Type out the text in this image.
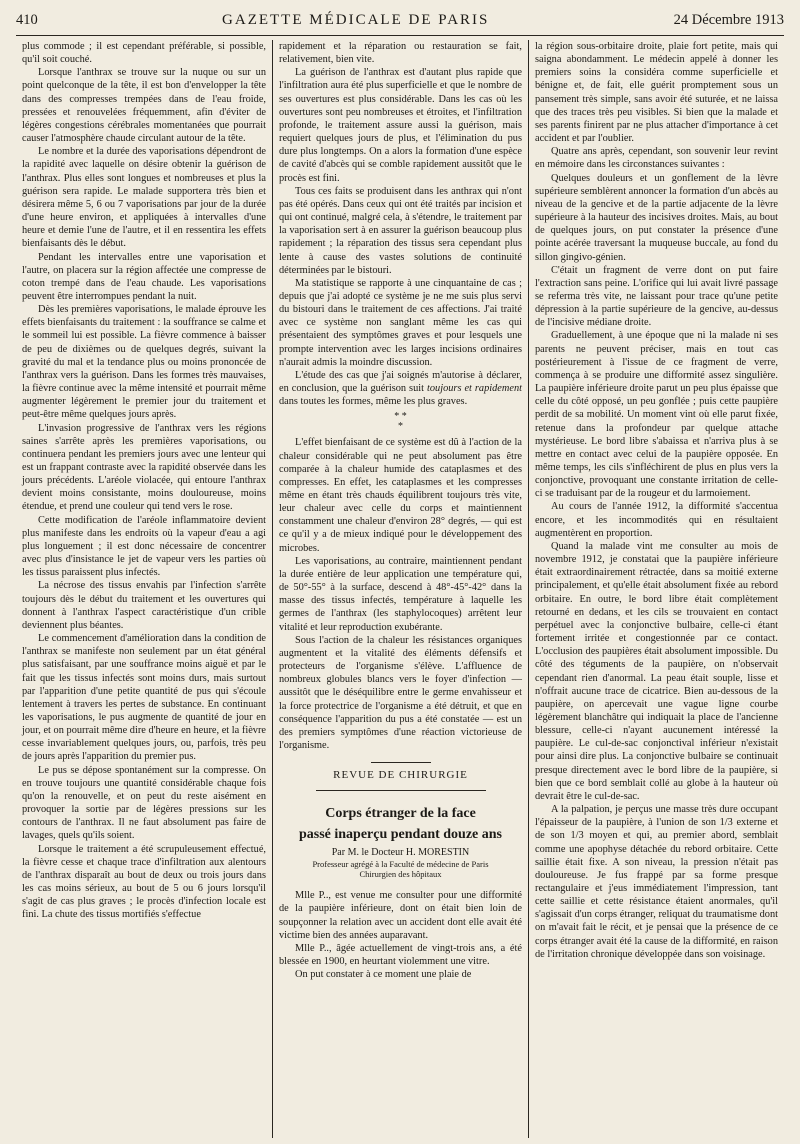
410	GAZETTE MÉDICALE DE PARIS	24 Décembre 1913

plus commode ; il est cependant préférable, si possible, qu'il soit couché.

Lorsque l'anthrax se trouve sur la nuque ou sur un point quelconque de la tête, il est bon d'envelopper la tête dans des compresses trempées dans de l'eau froide, pressées et renouvelées fréquemment, afin d'éviter de légères congestions cérébrales momentanées que pourrait causer l'atmosphère chaude circulant autour de la tête.

Le nombre et la durée des vaporisations dépendront de la rapidité avec laquelle on désire obtenir la guérison de l'anthrax. Plus elles sont longues et nombreuses et plus la guérison sera rapide. Le malade supportera très bien et désirera même 5, 6 ou 7 vaporisations par jour de la durée d'une heure environ, et appliquées à intervalles d'une heure et demie l'une de l'autre, et il en ressentira les effets bienfaisants dès le début.

Pendant les intervalles entre une vaporisation et l'autre, on placera sur la région affectée une compresse de coton trempé dans de l'eau chaude. Les vaporisations peuvent être interrompues pendant la nuit.

Dès les premières vaporisations, le malade éprouve les effets bienfaisants du traitement : la souffrance se calme et le sommeil lui est possible. La fièvre commence à baisser de peu de dixièmes ou de quelques degrés, suivant la gravité du mal et la tendance plus ou moins prononcée de l'anthrax vers la guérison. Dans les formes très mauvaises, la fièvre continue avec la même intensité et pourrait même augmenter légèrement le premier jour du traitement et peut-être même quelques jours après.

L'invasion progressive de l'anthrax vers les régions saines s'arrête après les premières vaporisations, ou continuera pendant les premiers jours avec une lenteur qui est un frappant contraste avec la rapidité observée dans les jours précédents. L'aréole violacée, qui entoure l'anthrax devient moins consistante, moins douloureuse, moins étendue, et prend une couleur qui tend vers le rose.

Cette modification de l'aréole inflammatoire devient plus manifeste dans les endroits où la vapeur d'eau a agi plus longuement ; il est donc nécessaire de concentrer avec plus d'insistance le jet de vapeur vers les parties où les tissus paraissent plus infectés.

La nécrose des tissus envahis par l'infection s'arrête toujours dès le début du traitement et les ouvertures qui donnent à l'anthrax l'aspect caractéristique d'un crible deviennent plus béantes.

Le commencement d'amélioration dans la condition de l'anthrax se manifeste non seulement par un état général plus satisfaisant, par une souffrance moins aiguë et par le fait que les tissus infectés sont moins durs, mais surtout par l'apparition d'une petite quantité de pus qui s'écoule lentement à travers les pertes de substance. En continuant les vaporisations, le pus augmente de quantité de jour en jour, et on pourrait même dire d'heure en heure, et la fièvre cesse invariablement quelques jours, ou, parfois, très peu de jours après l'apparition du premier pus.

Le pus se dépose spontanément sur la compresse. On en trouve toujours une quantité considérable chaque fois qu'on la renouvelle, et on peut du reste aisément en provoquer la sortie par de légères pressions sur les contours de l'anthrax. Il ne faut absolument pas faire de lavages, quels qu'ils soient.

Lorsque le traitement a été scrupuleusement effectué, la fièvre cesse et chaque trace d'infiltration aux alentours de l'anthrax disparaît au bout de deux ou trois jours dans les cas moins sérieux, au bout de 5 ou 6 jours lorsqu'il s'agit de cas plus graves ; le procès d'infection locale est fini. La chute des tissus mortifiés s'effectue

rapidement et la réparation ou restauration se fait, relativement, bien vite.

La guérison de l'anthrax est d'autant plus rapide que l'infiltration aura été plus superficielle et que le nombre de ses ouvertures est plus considérable. Dans les cas où les ouvertures sont peu nombreuses et étroites, et l'infiltration profonde, le traitement assure aussi la guérison, mais requiert quelques jours de plus, et l'élimination du pus dure plus longtemps. On a alors la formation d'une espèce de cavité d'abcès qui se comble rapidement aussitôt que le procès est fini.

Tous ces faits se produisent dans les anthrax qui n'ont pas été opérés. Dans ceux qui ont été traités par incision et qui ont continué, malgré cela, à s'étendre, le traitement par la vaporisation sert à en assurer la guérison beaucoup plus rapidement ; la réparation des tissus sera cependant plus lente à cause des vastes solutions de continuité déterminées par le bistouri.

Ma statistique se rapporte à une cinquantaine de cas ; depuis que j'ai adopté ce système je ne me suis plus servi du bistouri dans le traitement de ces affections. J'ai traité avec ce système non sanglant même les cas qui présentaient des symptômes graves et pour lesquels une prompte intervention avec les larges incisions ordinaires n'aurait admis la moindre discussion.

L'étude des cas que j'ai soignés m'autorise à déclarer, en conclusion, que la guérison suit toujours et rapidement dans toutes les formes, même les plus graves.

* *
*

L'effet bienfaisant de ce système est dû à l'action de la chaleur considérable qui ne peut absolument pas être comparée à la chaleur humide des cataplasmes et des compresses. En effet, les cataplasmes et les compresses même en étant très chauds équilibrent toujours très vite, leur chaleur avec celle du corps et maintiennent constamment une chaleur d'environ 28° degrés, — qui est ce qu'il y a de mieux indiqué pour le développement des microbes.

Les vaporisations, au contraire, maintiennent pendant la durée entière de leur application une température qui, de 50°-55° à la surface, descend à 48°-45°-42° dans la masse des tissus infectés, température à laquelle les germes de l'anthrax (les staphylocoques) arrêtent leur vitalité et leur reproduction exubérante.

Sous l'action de la chaleur les résistances organiques augmentent et la vitalité des éléments défensifs et protecteurs de l'organisme s'élève. L'affluence de nombreux globules blancs vers le foyer d'infection — aussitôt que le déséquilibre entre le germe envahisseur et la force protectrice de l'organisme a été détruit, et que en conséquence l'apparition du pus a été constatée — est un des premiers symptômes d'une réaction victorieuse de l'organisme.

REVUE DE CHIRURGIE
Corps étranger de la face
passé inaperçu pendant douze ans
Par M. le Docteur H. MORESTIN
Professeur agrégé à la Faculté de médecine de Paris
Chirurgien des hôpitaux

Mlle P.., est venue me consulter pour une difformité de la paupière inférieure, dont on était bien loin de soupçonner la relation avec un accident dont elle avait été victime bien des années auparavant.

Mlle P.., âgée actuellement de vingt-trois ans, a été blessée en 1900, en heurtant violemment une vitre.

On put constater à ce moment une plaie de

la région sous-orbitaire droite, plaie fort petite, mais qui saigna abondamment. Le médecin appelé à donner les premiers soins la considéra comme superficielle et bénigne et, de fait, elle guérit promptement sous un pansement très simple, sans avoir été suturée, et ne laissa que des traces très peu visibles. Si bien que la malade et ses parents finirent par ne plus attacher d'importance à cet accident et par l'oublier.

Quatre ans après, cependant, son souvenir leur revint en mémoire dans les circonstances suivantes :

Quelques douleurs et un gonflement de la lèvre supérieure semblèrent annoncer la formation d'un abcès au niveau de la gencive et de la partie adjacente de la lèvre supérieure à la hauteur des incisives droites. Mais, au bout de quelques jours, on put constater la présence d'une pointe acérée traversant la muqueuse buccale, au fond du sillon gingivo-génien.

C'était un fragment de verre dont on put faire l'extraction sans peine. L'orifice qui lui avait livré passage se referma très vite, ne laissant pour trace qu'une petite dépression à la partie supérieure de la gencive, au-dessus de l'incisive médiane droite.

Graduellement, à une époque que ni la malade ni ses parents ne peuvent préciser, mais en tout cas postérieurement à l'issue de ce fragment de verre, commença à se produire une difformité assez singulière. La paupière inférieure droite parut un peu plus épaisse que celle du côté opposé, un peu gonflée ; puis cette paupière perdit de sa mobilité. Un moment vint où elle parut fixée, retenue dans la profondeur par quelque attache mystérieuse. Le bord libre s'abaissa et n'arriva plus à se mettre en contact avec celui de la paupière opposée. En même temps, les cils s'infléchirent de plus en plus vers la conjonctive, provoquant une constante irritation de celle-ci se traduisant par de la rougeur et du larmoiement.

Au cours de l'année 1912, la difformité s'accentua encore, et les incommodités qui en résultaient augmentèrent en proportion.

Quand la malade vint me consulter au mois de novembre 1912, je constatai que la paupière inférieure était extraordinairement rétractée, dans sa moitié externe principalement, et qu'elle était absolument fixée au rebord orbitaire. En outre, le bord libre était complètement retourné en dedans, et les cils se trouvaient en contact perpétuel avec la conjonctive bulbaire, celle-ci étant fortement irritée et congestionnée par ce contact. L'occlusion des paupières était absolument impossible. Du côté des téguments de la paupière, on n'observait cependant rien d'anormal. La peau était souple, lisse et n'offrait aucune trace de cicatrice. Bien au-dessous de la paupière, on apercevait une vague ligne courbe légèrement blanchâtre qui indiquait la place de l'ancienne blessure, celle-ci n'ayant aucunement intéressé la paupière. Le cul-de-sac conjonctival inférieur n'existait pour ainsi dire plus. La conjonctive bulbaire se continuait presque directement avec le bord libre de la paupière, si bien que ce bord semblait collé au globe à la hauteur où devrait être le cul-de-sac.

A la palpation, je perçus une masse très dure occupant l'épaisseur de la paupière, à l'union de son 1/3 externe et de son 1/3 moyen et qui, au premier abord, semblait comme une apophyse détachée du rebord orbitaire. Cette saillie était fixe. A son niveau, la pression n'était pas douloureuse. Je fus frappé par sa forme presque rectangulaire et j'eus immédiatement l'impression, tant cette saillie et cette résistance étaient anormales, qu'il s'agissait d'un corps étranger, reliquat du traumatisme dont on m'avait fait le récit, et je pensai que la présence de ce corps étranger avait été la cause de la difformité, en raison de l'irritation chronique développée dans son voisinage.
